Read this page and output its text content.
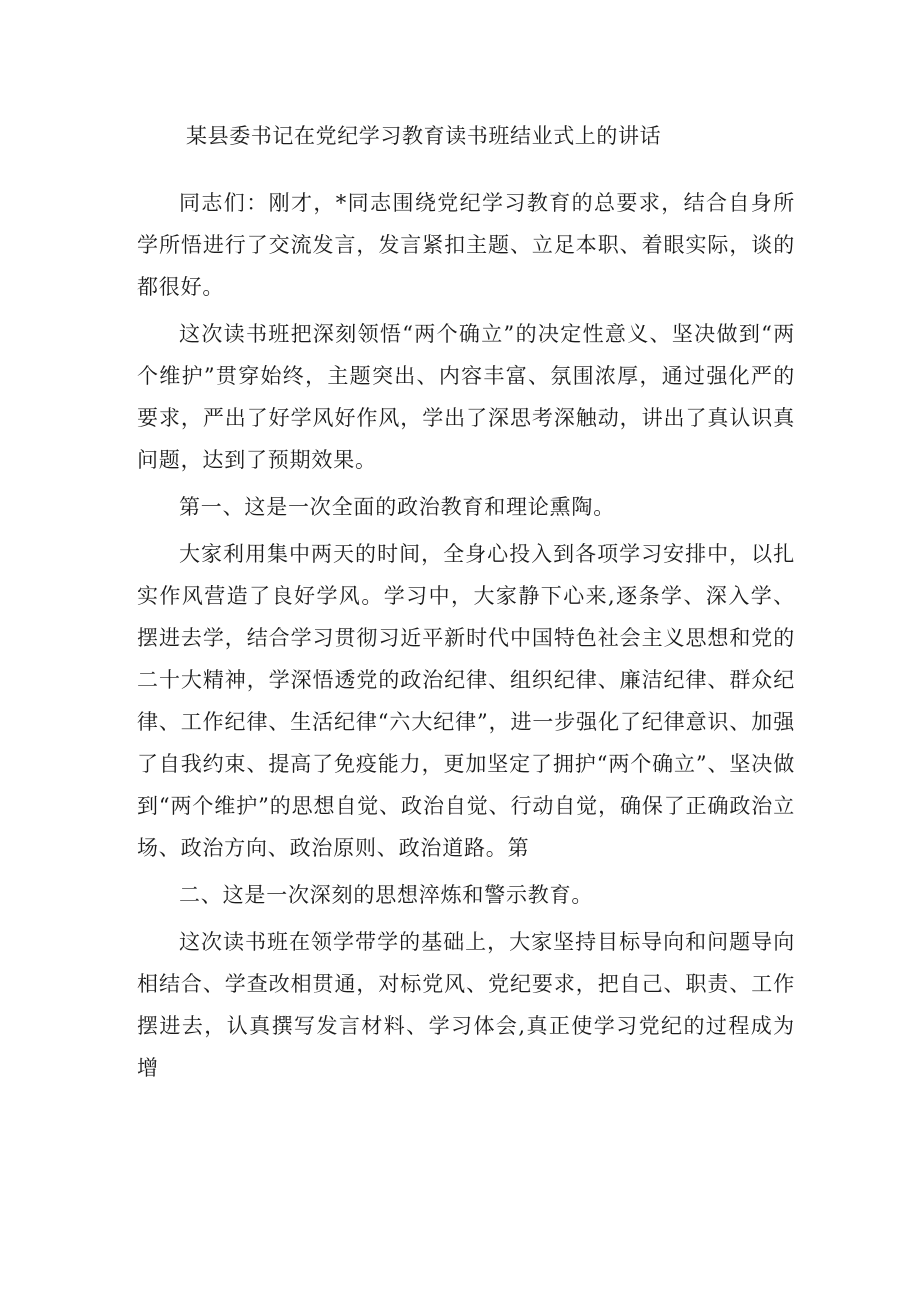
某县委书记在党纪学习教育读书班结业式上的讲话

同志们：刚才，*同志围绕党纪学习教育的总要求，结合自身所学所悟进行了交流发言，发言紧扣主题、立足本职、着眼实际，谈的都很好。

这次读书班把深刻领悟“两个确立”的决定性意义、坚决做到“两个维护”贯穿始终，主题突出、内容丰富、氛围浓厚，通过强化严的要求，严出了好学风好作风，学出了深思考深触动，讲出了真认识真问题，达到了预期效果。

第一、这是一次全面的政治教育和理论熏陶。

大家利用集中两天的时间，全身心投入到各项学习安排中，以扎实作风营造了良好学风。学习中，大家静下心来,逐条学、深入学、摆进去学，结合学习贯彻习近平新时代中国特色社会主义思想和党的二十大精神，学深悟透党的政治纪律、组织纪律、廉洁纪律、群众纪律、工作纪律、生活纪律“六大纪律”，进一步强化了纪律意识、加强了自我约束、提高了免疫能力，更加坚定了拥护“两个确立”、坚决做到“两个维护”的思想自觉、政治自觉、行动自觉，确保了正确政治立场、政治方向、政治原则、政治道路。第

二、这是一次深刻的思想淬炼和警示教育。

这次读书班在领学带学的基础上，大家坚持目标导向和问题导向相结合、学查改相贯通，对标党风、党纪要求，把自己、职责、工作摆进去，认真撰写发言材料、学习体会,真正使学习党纪的过程成为增
